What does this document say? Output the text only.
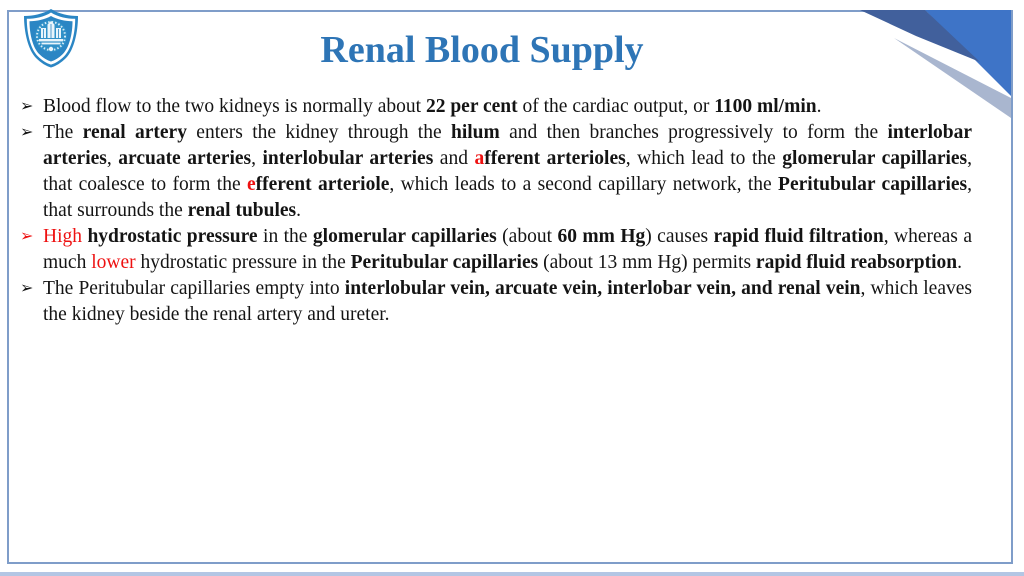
Renal Blood Supply
➢ Blood flow to the two kidneys is normally about 22 per cent of the cardiac output, or 1100 ml/min.
➢ The renal artery enters the kidney through the hilum and then branches progressively to form the interlobar arteries, arcuate arteries, interlobular arteries and afferent arterioles, which lead to the glomerular capillaries, that coalesce to form the efferent arteriole, which leads to a second capillary network, the Peritubular capillaries, that surrounds the renal tubules.
➢ High hydrostatic pressure in the glomerular capillaries (about 60 mm Hg) causes rapid fluid filtration, whereas a much lower hydrostatic pressure in the Peritubular capillaries (about 13 mm Hg) permits rapid fluid reabsorption.
➢ The Peritubular capillaries empty into interlobular vein, arcuate vein, interlobar vein, and renal vein, which leaves the kidney beside the renal artery and ureter.
